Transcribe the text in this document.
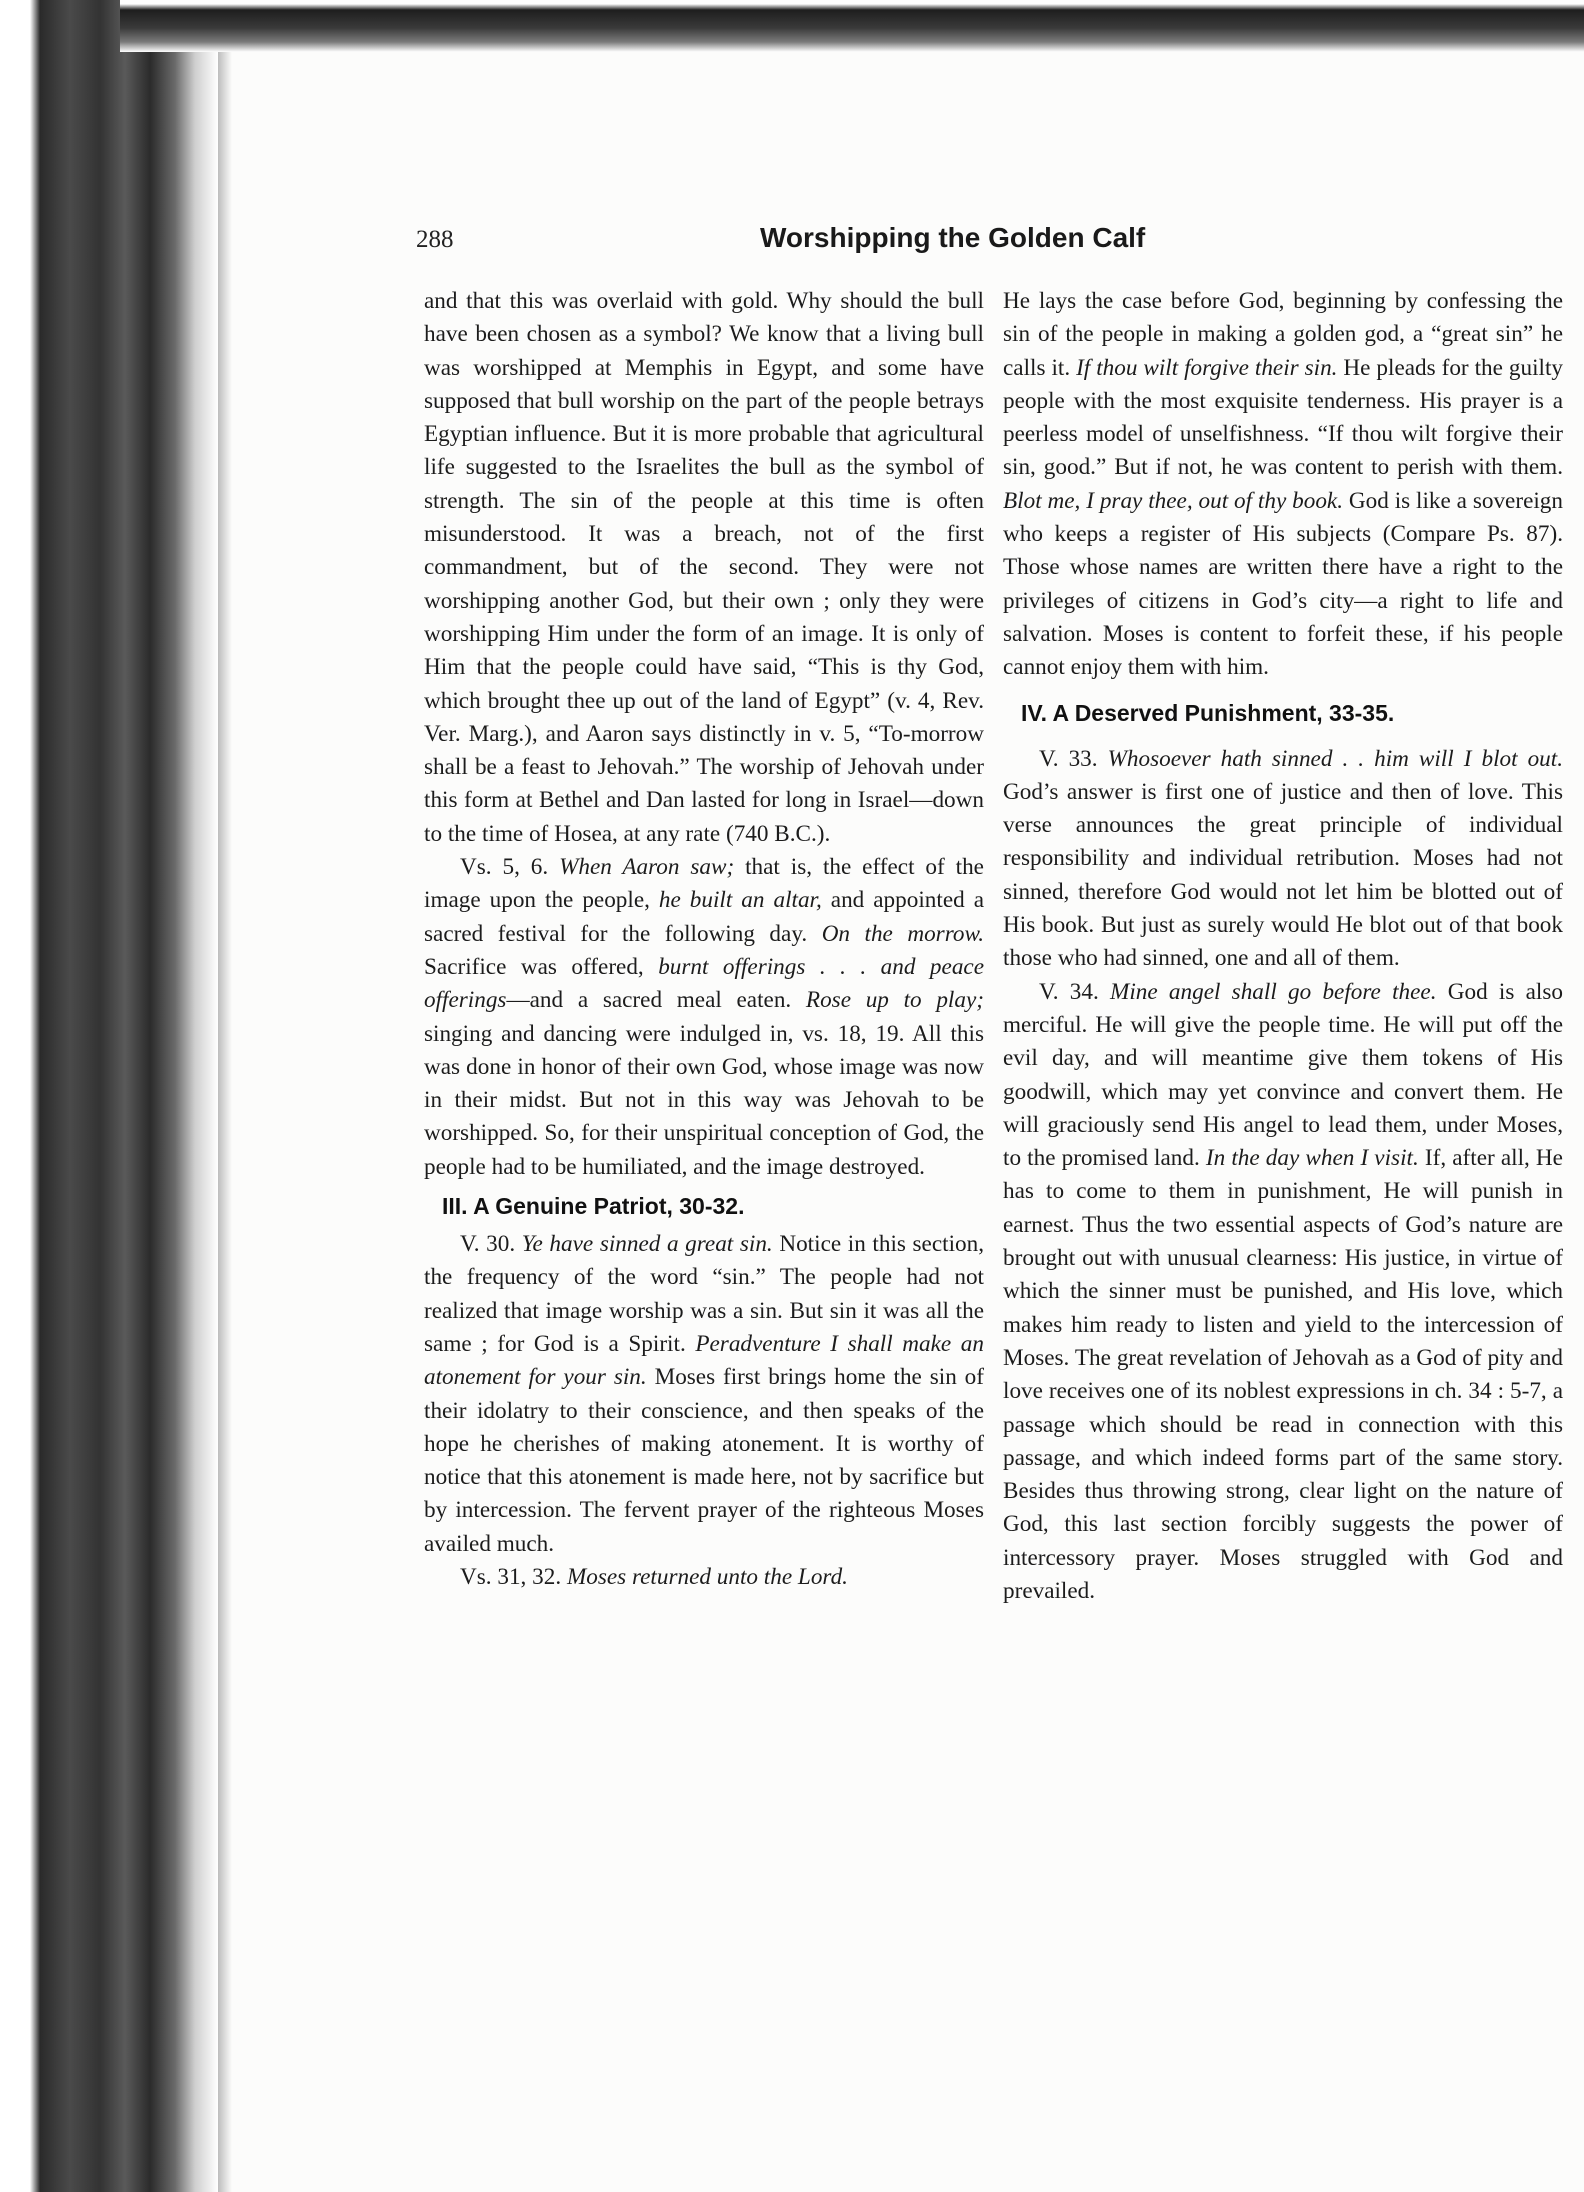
288	Worshipping the Golden Calf

and that this was overlaid with gold. Why should the bull have been chosen as a symbol? We know that a living bull was worshipped at Memphis in Egypt, and some have supposed that bull worship on the part of the people betrays Egyptian influence. But it is more probable that agricultural life suggested to the Israelites the bull as the symbol of strength. The sin of the people at this time is often misunderstood. It was a breach, not of the first commandment, but of the second. They were not worshipping another God, but their own ; only they were worshipping Him under the form of an image. It is only of Him that the people could have said, “This is thy God, which brought thee up out of the land of Egypt” (v. 4, Rev. Ver. Marg.), and Aaron says distinctly in v. 5, “To-morrow shall be a feast to Jehovah.” The worship of Jehovah under this form at Bethel and Dan lasted for long in Israel—down to the time of Hosea, at any rate (740 B.C.).

Vs. 5, 6. When Aaron saw; that is, the effect of the image upon the people, he built an altar, and appointed a sacred festival for the following day. On the morrow. Sacrifice was offered, burnt offerings . . . and peace offerings—and a sacred meal eaten. Rose up to play; singing and dancing were indulged in, vs. 18, 19. All this was done in honor of their own God, whose image was now in their midst. But not in this way was Jehovah to be worshipped. So, for their unspiritual conception of God, the people had to be humiliated, and the image destroyed.

III. A Genuine Patriot, 30-32.

V. 30. Ye have sinned a great sin. Notice in this section, the frequency of the word “sin.” The people had not realized that image worship was a sin. But sin it was all the same ; for God is a Spirit. Peradventure I shall make an atonement for your sin. Moses first brings home the sin of their idolatry to their conscience, and then speaks of the hope he cherishes of making atonement. It is worthy of notice that this atonement is made here, not by sacrifice but by intercession. The fervent prayer of the righteous Moses availed much.

Vs. 31, 32. Moses returned unto the Lord.

He lays the case before God, beginning by confessing the sin of the people in making a golden god, a “great sin” he calls it. If thou wilt forgive their sin. He pleads for the guilty people with the most exquisite tenderness. His prayer is a peerless model of unselfishness. “If thou wilt forgive their sin, good.” But if not, he was content to perish with them. Blot me, I pray thee, out of thy book. God is like a sovereign who keeps a register of His subjects (Compare Ps. 87). Those whose names are written there have a right to the privileges of citizens in God’s city—a right to life and salvation. Moses is content to forfeit these, if his people cannot enjoy them with him.

IV. A Deserved Punishment, 33-35.

V. 33. Whosoever hath sinned . . him will I blot out. God’s answer is first one of justice and then of love. This verse announces the great principle of individual responsibility and individual retribution. Moses had not sinned, therefore God would not let him be blotted out of His book. But just as surely would He blot out of that book those who had sinned, one and all of them.

V. 34. Mine angel shall go before thee. God is also merciful. He will give the people time. He will put off the evil day, and will meantime give them tokens of His goodwill, which may yet convince and convert them. He will graciously send His angel to lead them, under Moses, to the promised land. In the day when I visit. If, after all, He has to come to them in punishment, He will punish in earnest. Thus the two essential aspects of God’s nature are brought out with unusual clearness: His justice, in virtue of which the sinner must be punished, and His love, which makes him ready to listen and yield to the intercession of Moses. The great revelation of Jehovah as a God of pity and love receives one of its noblest expressions in ch. 34 : 5-7, a passage which should be read in connection with this passage, and which indeed forms part of the same story. Besides thus throwing strong, clear light on the nature of God, this last section forcibly suggests the power of intercessory prayer. Moses struggled with God and prevailed.
